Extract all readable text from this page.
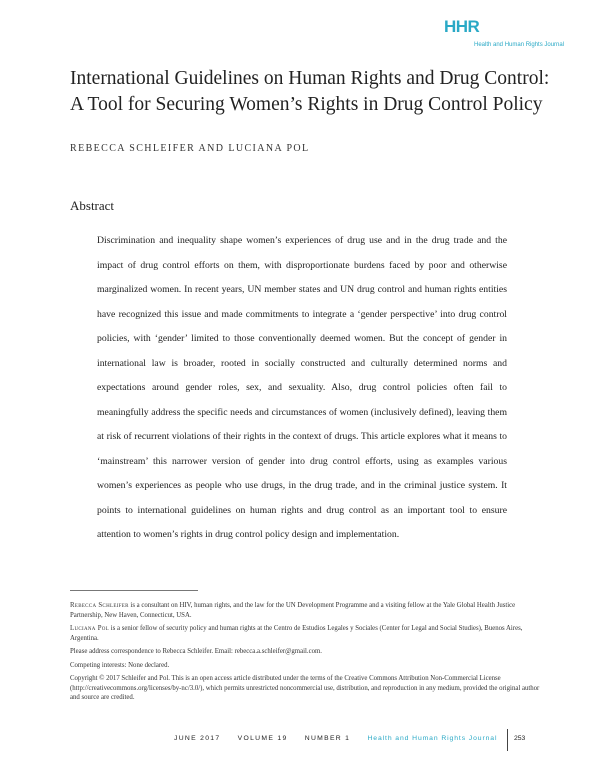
HHR
Health and Human Rights Journal
International Guidelines on Human Rights and Drug Control:
A Tool for Securing Women’s Rights in Drug Control Policy
REBECCA SCHLEIFER AND LUCIANA POL
Abstract

Discrimination and inequality shape women’s experiences of drug use and in the drug trade and the impact of drug control efforts on them, with disproportionate burdens faced by poor and otherwise marginalized women. In recent years, UN member states and UN drug control and human rights entities have recognized this issue and made commitments to integrate a ‘gender perspective’ into drug control policies, with ‘gender’ limited to those conventionally deemed women. But the concept of gender in international law is broader, rooted in socially constructed and culturally determined norms and expectations around gender roles, sex, and sexuality. Also, drug control policies often fail to meaningfully address the specific needs and circumstances of women (inclusively defined), leaving them at risk of recurrent violations of their rights in the context of drugs. This article explores what it means to ‘mainstream’ this narrower version of gender into drug control efforts, using as examples various women’s experiences as people who use drugs, in the drug trade, and in the criminal justice system. It points to international guidelines on human rights and drug control as an important tool to ensure attention to women’s rights in drug control policy design and implementation.

Rebecca Schleifer is a consultant on HIV, human rights, and the law for the UN Development Programme and a visiting fellow at the Yale Global Health Justice Partnership, New Haven, Connecticut, USA.

Luciana Pol is a senior fellow of security policy and human rights at the Centro de Estudios Legales y Sociales (Center for Legal and Social Studies), Buenos Aires, Argentina.

Please address correspondence to Rebecca Schleifer. Email: rebecca.a.schleifer@gmail.com.

Competing interests: None declared.

Copyright © 2017 Schleifer and Pol. This is an open access article distributed under the terms of the Creative Commons Attribution Non-Commercial License (http://creativecommons.org/licenses/by-nc/3.0/), which permits unrestricted noncommercial use, distribution, and reproduction in any medium, provided the original author and source are credited.

JUNE 2017	VOLUME 19	NUMBER 1	Health and Human Rights Journal 253
